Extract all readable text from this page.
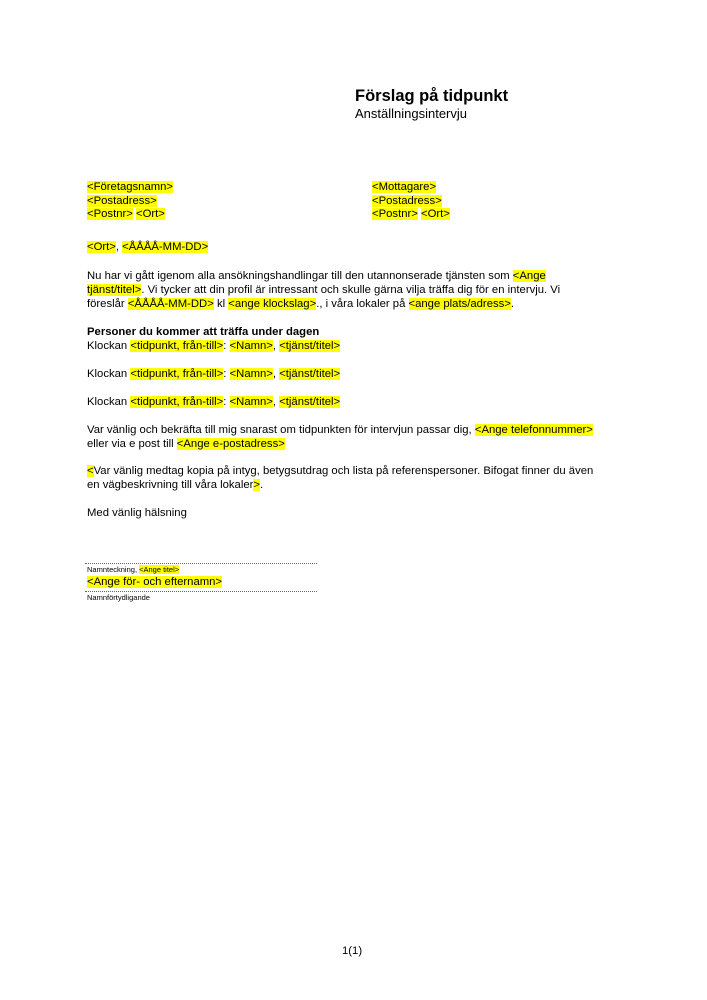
Förslag på tidpunkt
Anställningsintervju
<Företagsnamn>
<Postadress>
<Postnr> <Ort>
<Mottagare>
<Postadress>
<Postnr> <Ort>
<Ort>, <ÅÅÅÅ-MM-DD>
Nu har vi gått igenom alla ansökningshandlingar till den utannonserade tjänsten som <Ange
tjänst/titel>. Vi tycker att din profil är intressant och skulle gärna vilja träffa dig för en intervju. Vi
föreslår <ÅÅÅÅ-MM-DD> kl <ange klockslag>., i våra lokaler på <ange plats/adress>.
Personer du kommer att träffa under dagen
Klockan <tidpunkt, från-till>: <Namn>, <tjänst/titel>
Klockan <tidpunkt, från-till>: <Namn>, <tjänst/titel>
Klockan <tidpunkt, från-till>: <Namn>, <tjänst/titel>
Var vänlig och bekräfta till mig snarast om tidpunkten för intervjun passar dig, <Ange telefonnummer>
eller via e post till <Ange e-postadress>
<Var vänlig medtag kopia på intyg, betygsutdrag och lista på referenspersoner. Bifogat finner du även
en vägbeskrivning till våra lokaler>.
Med vänlig hälsning
Namnteckning, <Ange titel>
<Ange för- och efternamn>
Namnförtydligande
1(1)
